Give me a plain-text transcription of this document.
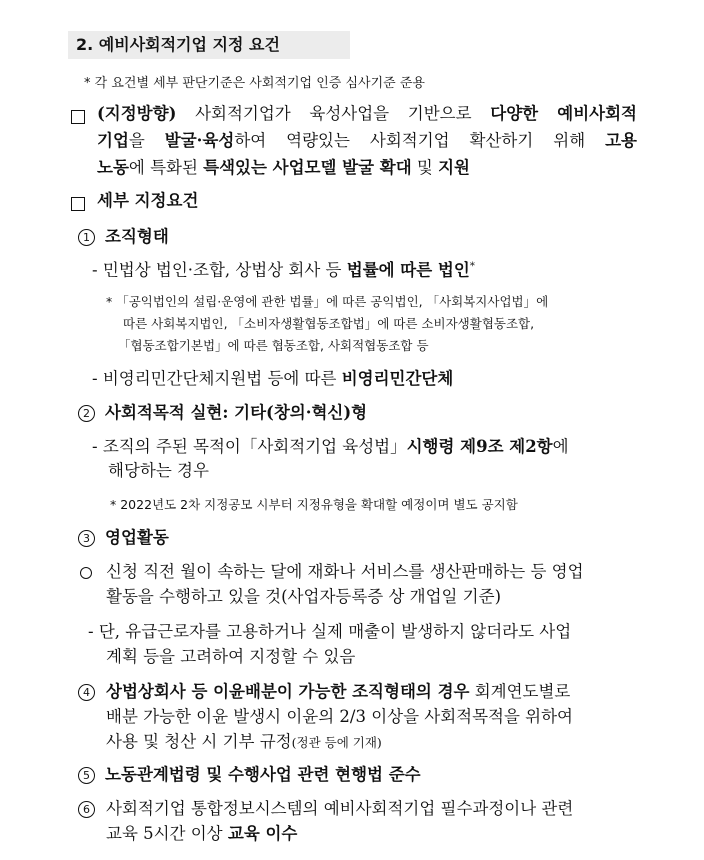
2. 예비사회적기업 지정 요건
* 각 요건별 세부 판단기준은 사회적기업 인증 심사기준 준용
(지정방향) 사회적기업가 육성사업을 기반으로 다양한 예비사회적
기업을 발굴·육성하여 역량있는 사회적기업 확산하기 위해 고용
노동에 특화된 특색있는 사업모델 발굴 확대 및 지원
세부 지정요건
1 조직형태
- 민법상 법인·조합, 상법상 회사 등 법률에 따른 법인*
* 「공익법인의 설립·운영에 관한 법률」에 따른 공익법인, 「사회복지사업법」에
따른 사회복지법인, 「소비자생활협동조합법」에 따른 소비자생활협동조합,
「협동조합기본법」에 따른 협동조합, 사회적협동조합 등
- 비영리민간단체지원법 등에 따른 비영리민간단체
2 사회적목적 실현: 기타(창의·혁신)형
- 조직의 주된 목적이「사회적기업 육성법」시행령 제9조 제2항에
해당하는 경우
* 2022년도 2차 지정공모 시부터 지정유형을 확대할 예정이며 별도 공지함
3 영업활동
신청 직전 월이 속하는 달에 재화나 서비스를 생산판매하는 등 영업
활동을 수행하고 있을 것(사업자등록증 상 개업일 기준)
- 단, 유급근로자를 고용하거나 실제 매출이 발생하지 않더라도 사업
계획 등을 고려하여 지정할 수 있음
4 상법상회사 등 이윤배분이 가능한 조직형태의 경우 회계연도별로
배분 가능한 이윤 발생시 이윤의 2/3 이상을 사회적목적을 위하여
사용 및 청산 시 기부 규정(정관 등에 기재)
5 노동관계법령 및 수행사업 관련 현행법 준수
6 사회적기업 통합정보시스템의 예비사회적기업 필수과정이나 관련
교육 5시간 이상 교육 이수
